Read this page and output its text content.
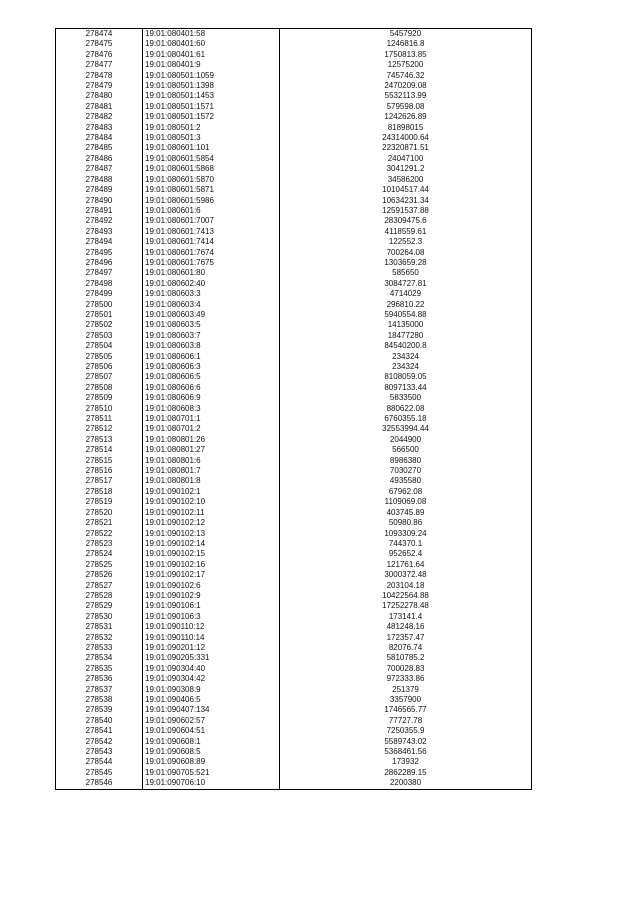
278474	19:01:080401:58	5457920
278475	19:01:080401:60	1246816.8
278476	19:01:080401:61	1750813.85
278477	19:01:080401:9	12575200
278478	19:01:080501:1059	745746.32
278479	19:01:080501:1398	2470209.08
278480	19:01:080501:1453	5532113.99
278481	19:01:080501:1571	579598.08
278482	19:01:080501:1572	1242626.89
278483	19:01:080501:2	81898015
278484	19:01:080501:3	24314000.64
278485	19:01:080601:101	22320871.51
278486	19:01:080601:5854	24047100
278487	19:01:080601:5868	3041291.2
278488	19:01:080601:5870	34586200
278489	19:01:080601:5871	10104517.44
278490	19:01:080601:5986	10634231.34
278491	19:01:080601:6	12591537.88
278492	19:01:080601:7007	28309475.6
278493	19:01:080601:7413	4118559.61
278494	19:01:080601:7414	122552.3
278495	19:01:080601:7674	700264.08
278496	19:01:080601:7675	1303659.28
278497	19:01:080601:80	585650
278498	19:01:080602:40	3084727.81
278499	19:01:080603:3	4714029
278500	19:01:080603:4	296810.22
278501	19:01:080603:49	5940554.88
278502	19:01:080603:5	14135000
278503	19:01:080603:7	18477280
278504	19:01:080603:8	84540200.8
278505	19:01:080606:1	234324
278506	19:01:080606:3	234324
278507	19:01:080606:5	8108059.05
278508	19:01:080606:6	8097133.44
278509	19:01:080606:9	5833500
278510	19:01:080608:3	880622.08
278511	19:01:080701:1	6760355.18
278512	19:01:080701:2	32553994.44
278513	19:01:080801:26	2044900
278514	19:01:080801:27	566500
278515	19:01:080801:6	8986380
278516	19:01:080801:7	7030270
278517	19:01:080801:8	4935580
278518	19:01:090102:1	67962.08
278519	19:01:090102:10	1109069.08
278520	19:01:090102:11	403745.89
278521	19:01:090102:12	50980.86
278522	19:01:090102:13	1093309.24
278523	19:01:090102:14	744370.1
278524	19:01:090102:15	952652.4
278525	19:01:090102:16	121761.64
278526	19:01:090102:17	3000372.48
278527	19:01:090102:6	203104.18
278528	19:01:090102:9	10422564.88
278529	19:01:090106:1	17252278.48
278530	19:01:090106:3	173141.4
278531	19:01:090110:12	481248.16
278532	19:01:090110:14	172357.47
278533	19:01:090201:12	82076.74
278534	19:01:090205:331	5810785.2
278535	19:01:090304:40	700028.83
278536	19:01:090304:42	972333.86
278537	19:01:090308:9	251379
278538	19:01:090406:5	3357900
278539	19:01:090407:134	1746565.77
278540	19:01:090602:57	77727.78
278541	19:01:090604:51	7250355.9
278542	19:01:090608:1	5589743.02
278543	19:01:090608:5	5368461.56
278544	19:01:090608:89	173932
278545	19:01:090705:521	2862289.15
278546	19:01:090706:10	2200380
